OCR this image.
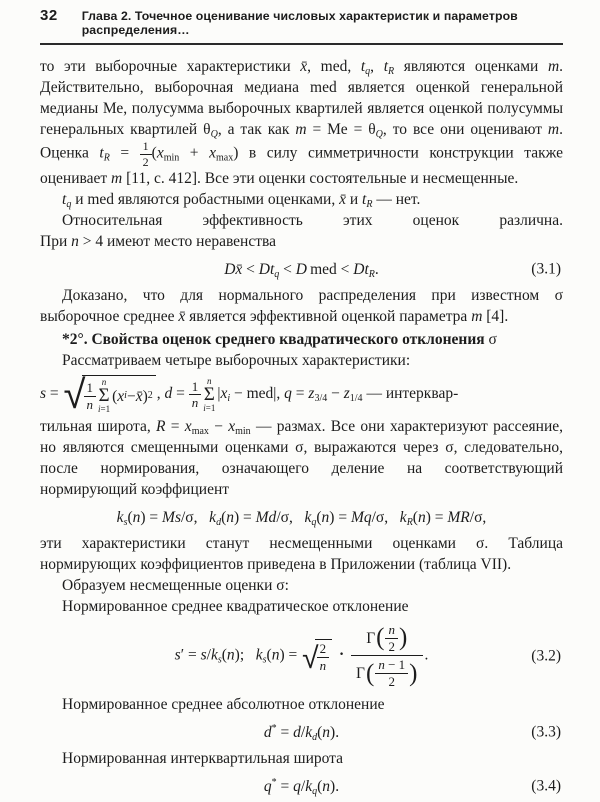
32 Глава 2. Точечное оценивание числовых характеристик и параметров распределения…

то эти выборочные характеристики x̄, med, $t_q$, $t_R$ являются оценками m. Действительно, выборочная медиана med является оценкой генеральной медианы Ме, полусумма выборочных квартилей является оценкой полусуммы генеральных квартилей $\theta_Q$, а так как m = Ме = $\theta_Q$, то все они оценивают m. Оценка $t_R = \frac{1}{2} (x_{min} + x_{max})$ в силу симметричности конструкции также оценивает m [11, с. 412]. Все эти оценки состоятельные и несмещенные.

$t_q$ и med являются робастными оценками, x̄ и $t_R$ — нет.

Относительная эффективность этих оценок различна.
При n > 4 имеют место неравенства

Dx̄ < $Dt_q < D$ med < $Dt_R$.	(3.1)

Доказано, что для нормального распределения при известном σ выборочное среднее x̄ является эффективной оценкой параметра m [4].

*2°. Свойства оценок среднего квадратического отклонения σ

Рассматриваем четыре выборочных характеристики:

s = √
$\frac{1}{n}$ n
Σ
i=1
( x i − x̄ ) 2 , $d = \frac{1}{n}$ n
Σ
i=1
$|x_i - med|$, $q = z_{3/4} - z_{1/4}$ — интерквар-

тильная широта, $R = x_{max} - x_{min}$ — размах. Все они характеризуют рассеяние, но являются смещенными оценками σ, выражаются через σ, следовательно, после нормирования, означающего деление на соответствующий нормирующий коэффициент

$k_s(n) = Ms/\sigma$,   $k_d(n) = Md/\sigma$,   $k_q(n) = Mq/\sigma$,   $k_R(n) = MR/\sigma$,

эти характеристики станут несмещенными оценками σ. Таблица нормирующих коэффициентов приведена в Приложении (таблица VII).

Образуем несмещенные оценки σ:

Нормированное среднее квадратическое отклонение

$s' = s/k_s(n)$;   $k_s(n)$ = √
$\frac{2}{n} \cdot \frac{\Gamma ( \frac{n}{2} )}{\Gamma ( \frac{n - 1}{2} )}$ .	(3.2)

Нормированное среднее абсолютное отклонение

$d^* = d/k_d(n)$.	(3.3)

Нормированная интерквартильная широта

$q^* = q/k_q(n)$.	(3.4)
